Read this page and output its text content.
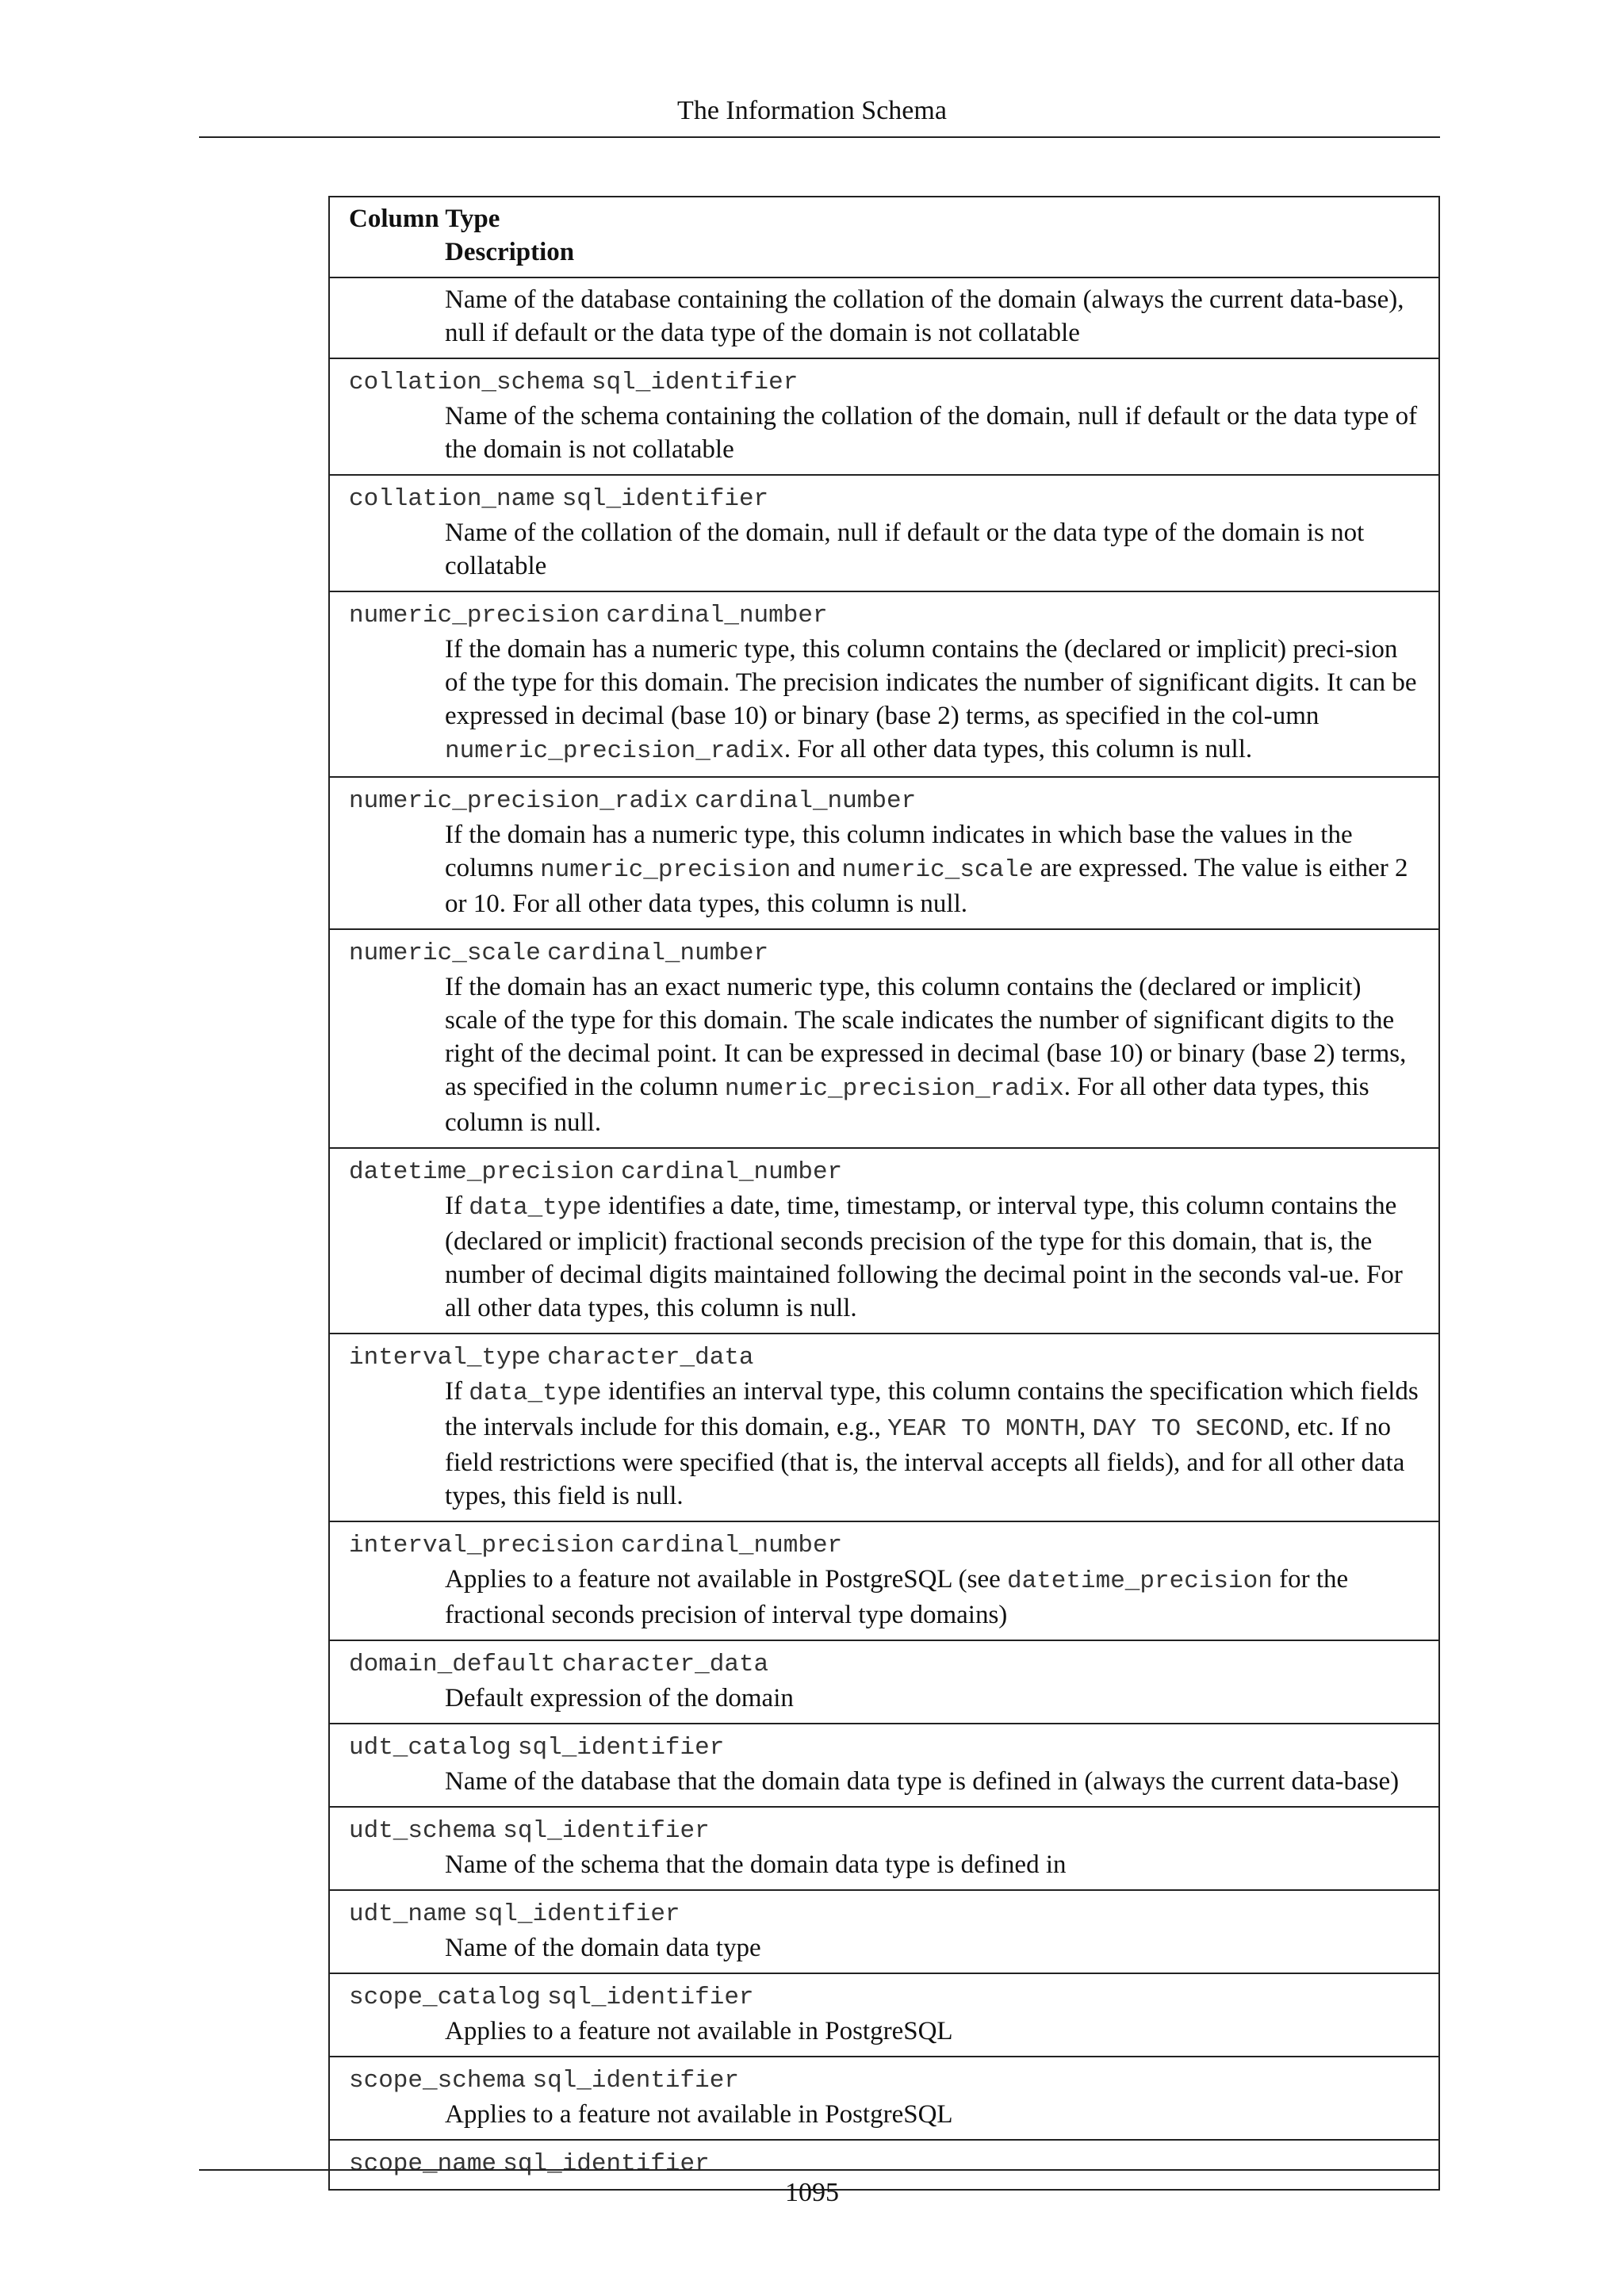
The Information Schema
Column Type
Description

Name of the database containing the collation of the domain (always the current data-base), null if default or the data type of the domain is not collatable

collation_schema sql_identifier
Name of the schema containing the collation of the domain, null if default or the data type of the domain is not collatable

collation_name sql_identifier
Name of the collation of the domain, null if default or the data type of the domain is not collatable

numeric_precision cardinal_number
If the domain has a numeric type, this column contains the (declared or implicit) preci-sion of the type for this domain. The precision indicates the number of significant digits. It can be expressed in decimal (base 10) or binary (base 2) terms, as specified in the col-umn numeric_precision_radix. For all other data types, this column is null.

numeric_precision_radix cardinal_number
If the domain has a numeric type, this column indicates in which base the values in the columns numeric_precision and numeric_scale are expressed. The value is either 2 or 10. For all other data types, this column is null.

numeric_scale cardinal_number
If the domain has an exact numeric type, this column contains the (declared or implicit) scale of the type for this domain. The scale indicates the number of significant digits to the right of the decimal point. It can be expressed in decimal (base 10) or binary (base 2) terms, as specified in the column numeric_precision_radix. For all other data types, this column is null.

datetime_precision cardinal_number
If data_type identifies a date, time, timestamp, or interval type, this column contains the (declared or implicit) fractional seconds precision of the type for this domain, that is, the number of decimal digits maintained following the decimal point in the seconds val-ue. For all other data types, this column is null.

interval_type character_data
If data_type identifies an interval type, this column contains the specification which fields the intervals include for this domain, e.g., YEAR TO MONTH, DAY TO SECOND, etc. If no field restrictions were specified (that is, the interval accepts all fields), and for all other data types, this field is null.

interval_precision cardinal_number
Applies to a feature not available in PostgreSQL (see datetime_precision for the fractional seconds precision of interval type domains)

domain_default character_data
Default expression of the domain

udt_catalog sql_identifier
Name of the database that the domain data type is defined in (always the current data-base)

udt_schema sql_identifier
Name of the schema that the domain data type is defined in

udt_name sql_identifier
Name of the domain data type

scope_catalog sql_identifier
Applies to a feature not available in PostgreSQL

scope_schema sql_identifier
Applies to a feature not available in PostgreSQL

scope_name sql_identifier
1095
